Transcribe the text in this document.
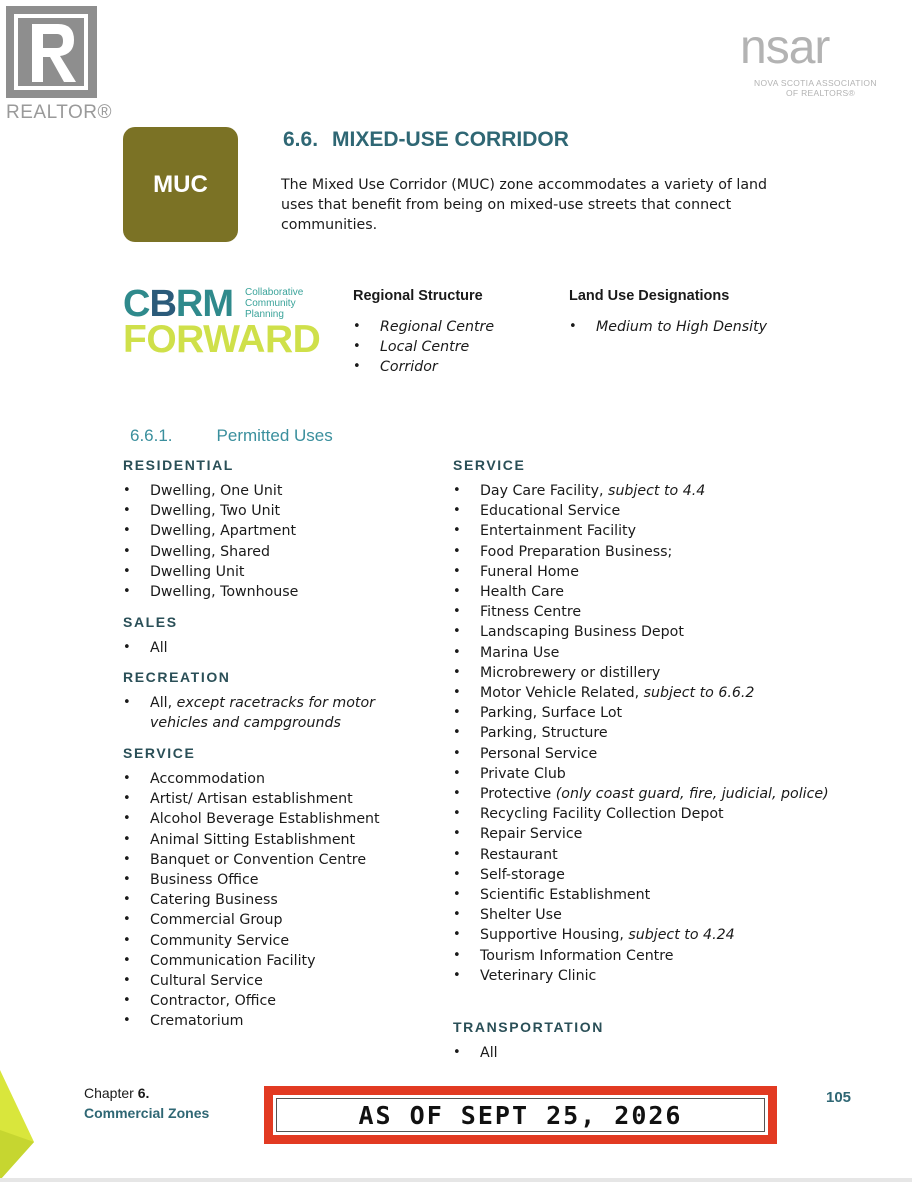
REALTOR®
nsar
NOVA SCOTIA ASSOCIATION
OF REALTORS®
MUC
6.6. MIXED-USE CORRIDOR
The Mixed Use Corridor (MUC) zone accommodates a variety of land uses that benefit from being on mixed-use streets that connect communities.
CBRM Collaborative
Community
Planning
FORWARD
Regional Structure
• Regional Centre
• Local Centre
• Corridor
Land Use Designations
• Medium to High Density
6.6.1.	Permitted Uses
RESIDENTIAL
• Dwelling, One Unit
• Dwelling, Two Unit
• Dwelling, Apartment
• Dwelling, Shared
• Dwelling Unit
• Dwelling, Townhouse
SALES
• All
RECREATION
• All, except racetracks for motor vehicles and campgrounds
SERVICE
• Accommodation
• Artist/ Artisan establishment
• Alcohol Beverage Establishment
• Animal Sitting Establishment
• Banquet or Convention Centre
• Business Office
• Catering Business
• Commercial Group
• Community Service
• Communication Facility
• Cultural Service
• Contractor, Office
• Crematorium
SERVICE
• Day Care Facility, subject to 4.4
• Educational Service
• Entertainment Facility
• Food Preparation Business;
• Funeral Home
• Health Care
• Fitness Centre
• Landscaping Business Depot
• Marina Use
• Microbrewery or distillery
• Motor Vehicle Related, subject to 6.6.2
• Parking, Surface Lot
• Parking, Structure
• Personal Service
• Private Club
• Protective (only coast guard, fire, judicial, police)
• Recycling Facility Collection Depot
• Repair Service
• Restaurant
• Self-storage
• Scientific Establishment
• Shelter Use
• Supportive Housing, subject to 4.24
• Tourism Information Centre
• Veterinary Clinic
TRANSPORTATION
• All
Chapter 6.
Commercial Zones
105
AS OF SEPT 25, 2026
